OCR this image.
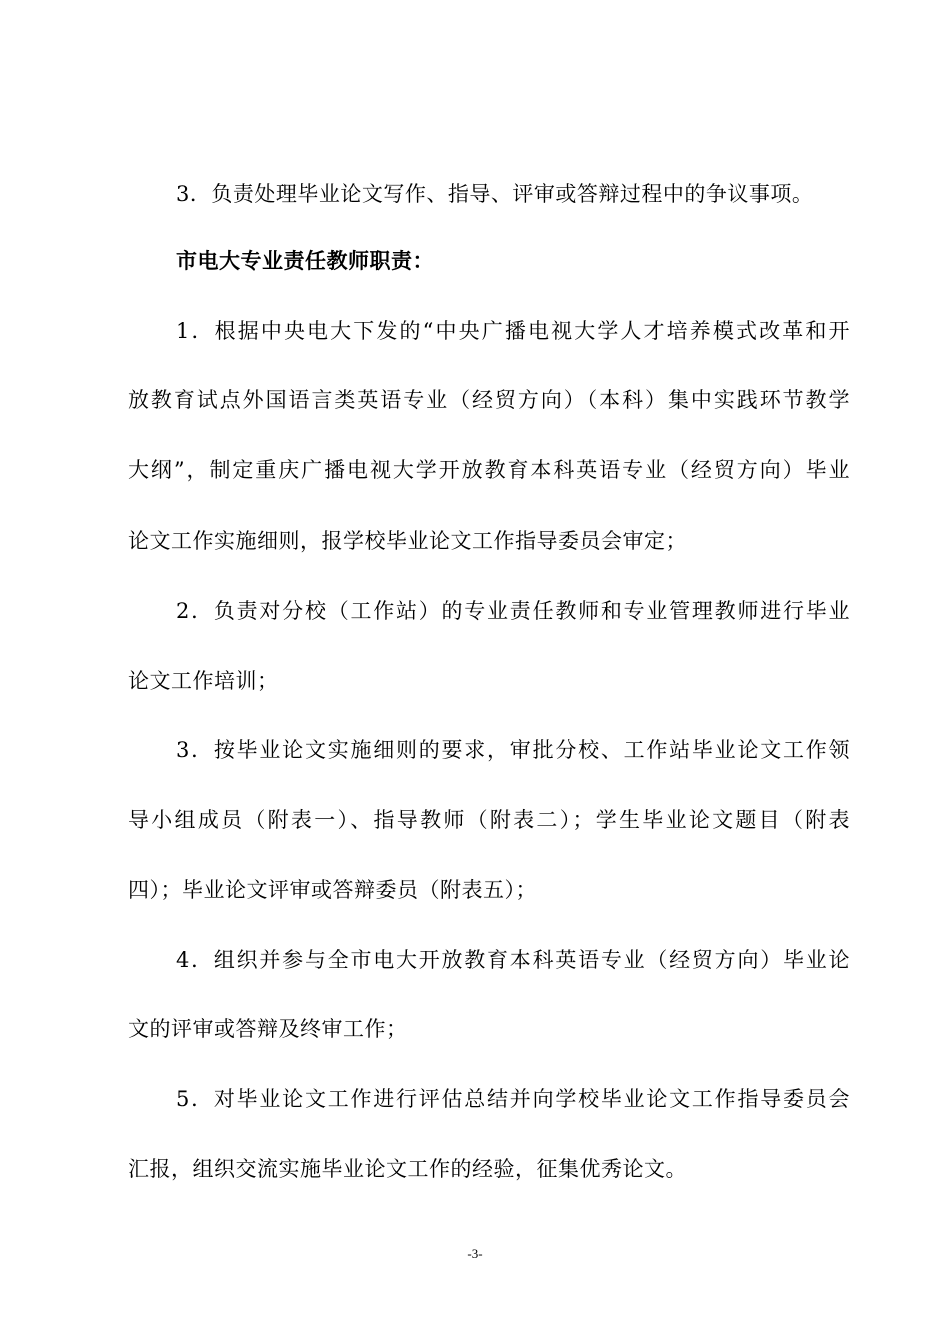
3．负责处理毕业论文写作、指导、评审或答辩过程中的争议事项。
市电大专业责任教师职责：
1．根据中央电大下发的“中央广播电视大学人才培养模式改革和开
放教育试点外国语言类英语专业（经贸方向）（本科）集中实践环节教学
大纲”，制定重庆广播电视大学开放教育本科英语专业（经贸方向）毕业
论文工作实施细则，报学校毕业论文工作指导委员会审定；
2．负责对分校（工作站）的专业责任教师和专业管理教师进行毕业
论文工作培训；
3．按毕业论文实施细则的要求，审批分校、工作站毕业论文工作领
导小组成员（附表一）、指导教师（附表二）；学生毕业论文题目（附表
四）；毕业论文评审或答辩委员（附表五）；
4．组织并参与全市电大开放教育本科英语专业（经贸方向）毕业论
文的评审或答辩及终审工作；
5．对毕业论文工作进行评估总结并向学校毕业论文工作指导委员会
汇报，组织交流实施毕业论文工作的经验，征集优秀论文。
-3-
